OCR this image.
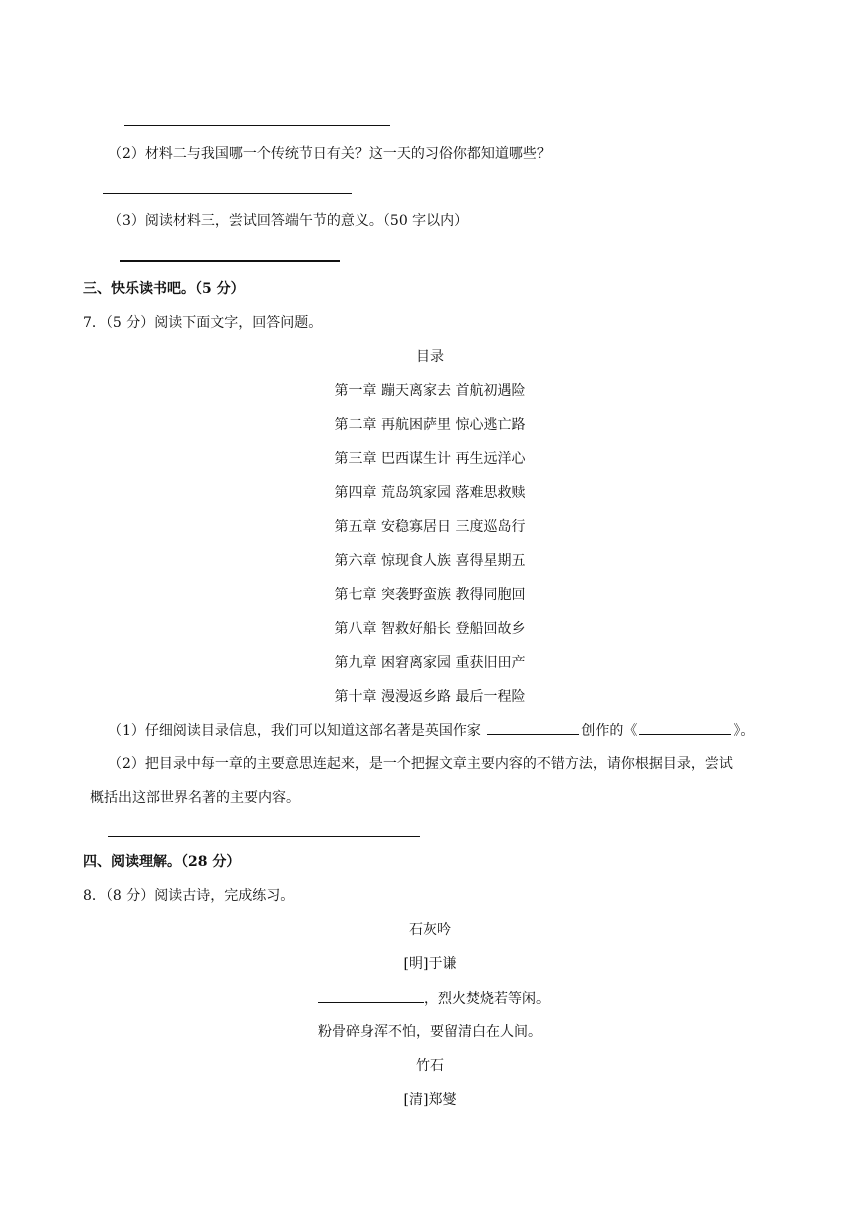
（2）材料二与我国哪一个传统节日有关？这一天的习俗你都知道哪些？
（3）阅读材料三，尝试回答端午节的意义。（50 字以内）
三、快乐读书吧。（5 分）
7．（5 分）阅读下面文字，回答问题。
目录
第一章 蹦天离家去 首航初遇险
第二章 再航困萨里 惊心逃亡路
第三章 巴西谋生计 再生远洋心
第四章 荒岛筑家园 落难思救赎
第五章 安稳寡居日 三度巡岛行
第六章 惊现食人族 喜得星期五
第七章 突袭野蛮族 教得同胞回
第八章 智救好船长 登船回故乡
第九章 困窘离家园 重获旧田产
第十章 漫漫返乡路 最后一程险
（1）仔细阅读目录信息，我们可以知道这部名著是英国作家	创作的《	》。
（2）把目录中每一章的主要意思连起来，是一个把握文章主要内容的不错方法，请你根据目录，尝试
概括出这部世界名著的主要内容。
四、阅读理解。（28 分）
8．（8 分）阅读古诗，完成练习。
石灰吟
[明]于谦
，烈火焚烧若等闲。
粉骨碎身浑不怕，要留清白在人间。
竹石
[清]郑燮
